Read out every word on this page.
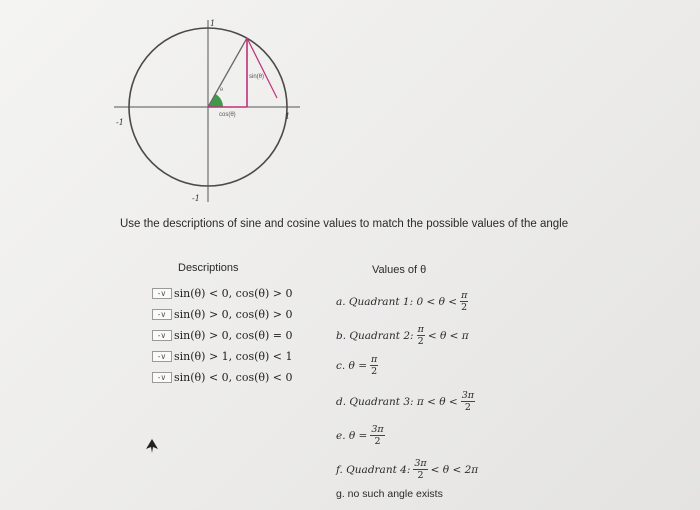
sin(θ)
cos(θ)
θ
-1
1
-1
1
Use the descriptions of sine and cosine values to match the possible values of the angle
Descriptions	Values of θ
- ∨ sin(θ) < 0, cos(θ) > 0
- ∨ sin(θ) > 0, cos(θ) > 0
- ∨ sin(θ) > 0, cos(θ) = 0
- ∨ sin(θ) > 1, cos(θ) < 1
- ∨ sin(θ) < 0, cos(θ) < 0
a. Quadrant 1: $0 < \theta < \frac{\pi}{2}$
b. Quadrant 2: $\frac{\pi}{2} < \theta < \pi$
c. $\theta = \frac{\pi}{2}$
d. Quadrant 3: $\pi < \theta < \frac{3\pi}{2}$
e. $\theta = \frac{3\pi}{2}$
f. Quadrant 4: $\frac{3\pi}{2} < \theta < 2\pi$
g. no such angle exists
